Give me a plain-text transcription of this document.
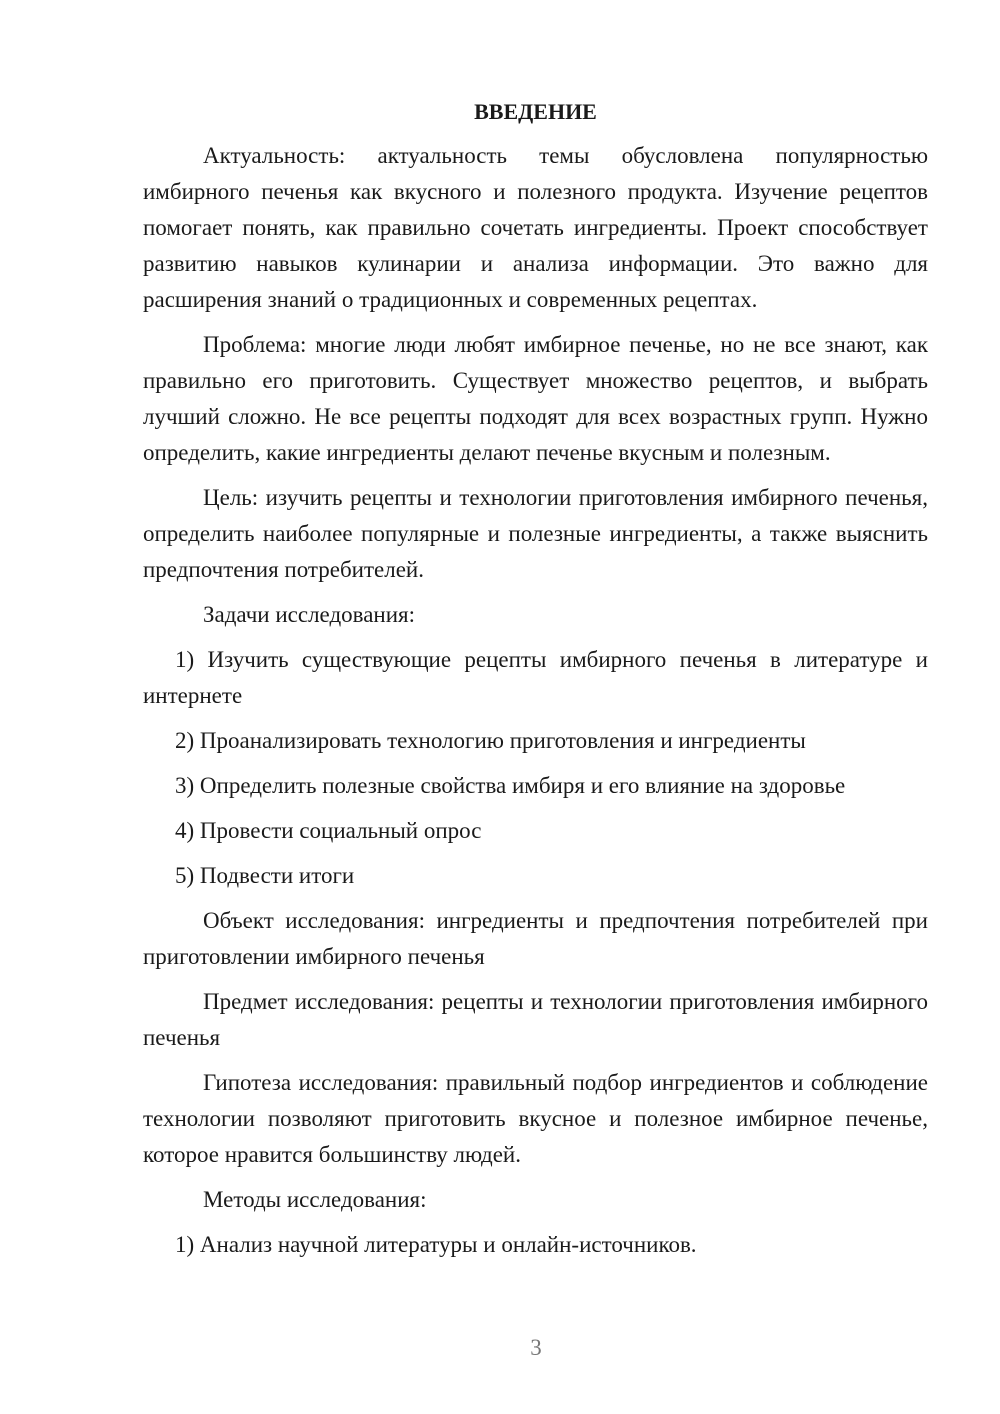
ВВЕДЕНИЕ

Актуальность: актуальность темы обусловлена популярностью имбирного печенья как вкусного и полезного продукта. Изучение рецептов помогает понять, как правильно сочетать ингредиенты. Проект способствует развитию навыков кулинарии и анализа информации. Это важно для расширения знаний о традиционных и современных рецептах.

Проблема: многие люди любят имбирное печенье, но не все знают, как правильно его приготовить. Существует множество рецептов, и выбрать лучший сложно. Не все рецепты подходят для всех возрастных групп. Нужно определить, какие ингредиенты делают печенье вкусным и полезным.

Цель: изучить рецепты и технологии приготовления имбирного печенья, определить наиболее популярные и полезные ингредиенты, а также выяснить предпочтения потребителей.

Задачи исследования:

1) Изучить существующие рецепты имбирного печенья в литературе и интернете

2) Проанализировать технологию приготовления и ингредиенты

3) Определить полезные свойства имбиря и его влияние на здоровье

4) Провести социальный опрос

5) Подвести итоги

Объект исследования: ингредиенты и предпочтения потребителей при приготовлении имбирного печенья

Предмет исследования: рецепты и технологии приготовления имбирного печенья

Гипотеза исследования: правильный подбор ингредиентов и соблюдение технологии позволяют приготовить вкусное и полезное имбирное печенье, которое нравится большинству людей.

Методы исследования:

1) Анализ научной литературы и онлайн-источников.

3
